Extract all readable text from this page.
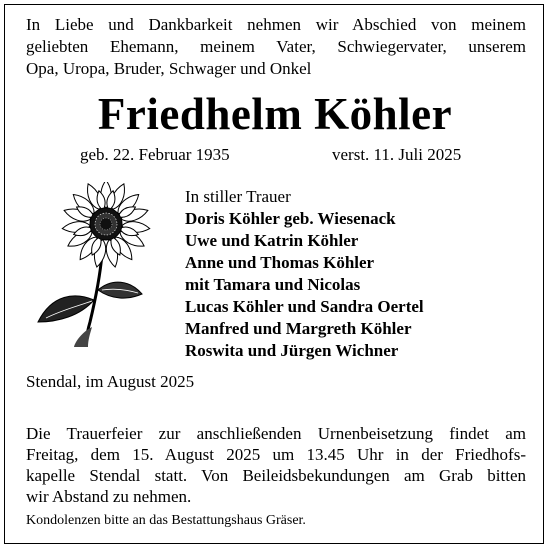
In Liebe und Dankbarkeit nehmen wir Abschied von meinem
geliebten Ehemann, meinem Vater, Schwiegervater, unserem
Opa, Uropa, Bruder, Schwager und Onkel
Friedhelm Köhler
geb. 22. Februar 1935	verst. 11. Juli 2025
In stiller Trauer
Doris Köhler geb. Wiesenack
Uwe und Katrin Köhler
Anne und Thomas Köhler
mit Tamara und Nicolas
Lucas Köhler und Sandra Oertel
Manfred und Margreth Köhler
Roswita und Jürgen Wichner
Stendal, im August 2025
Die Trauerfeier zur anschließenden Urnenbeisetzung findet am
Freitag, dem 15. August 2025 um 13.45 Uhr in der Friedhofs-
kapelle Stendal statt. Von Beileidsbekundungen am Grab bitten
wir Abstand zu nehmen.
Kondolenzen bitte an das Bestattungshaus Gräser.
